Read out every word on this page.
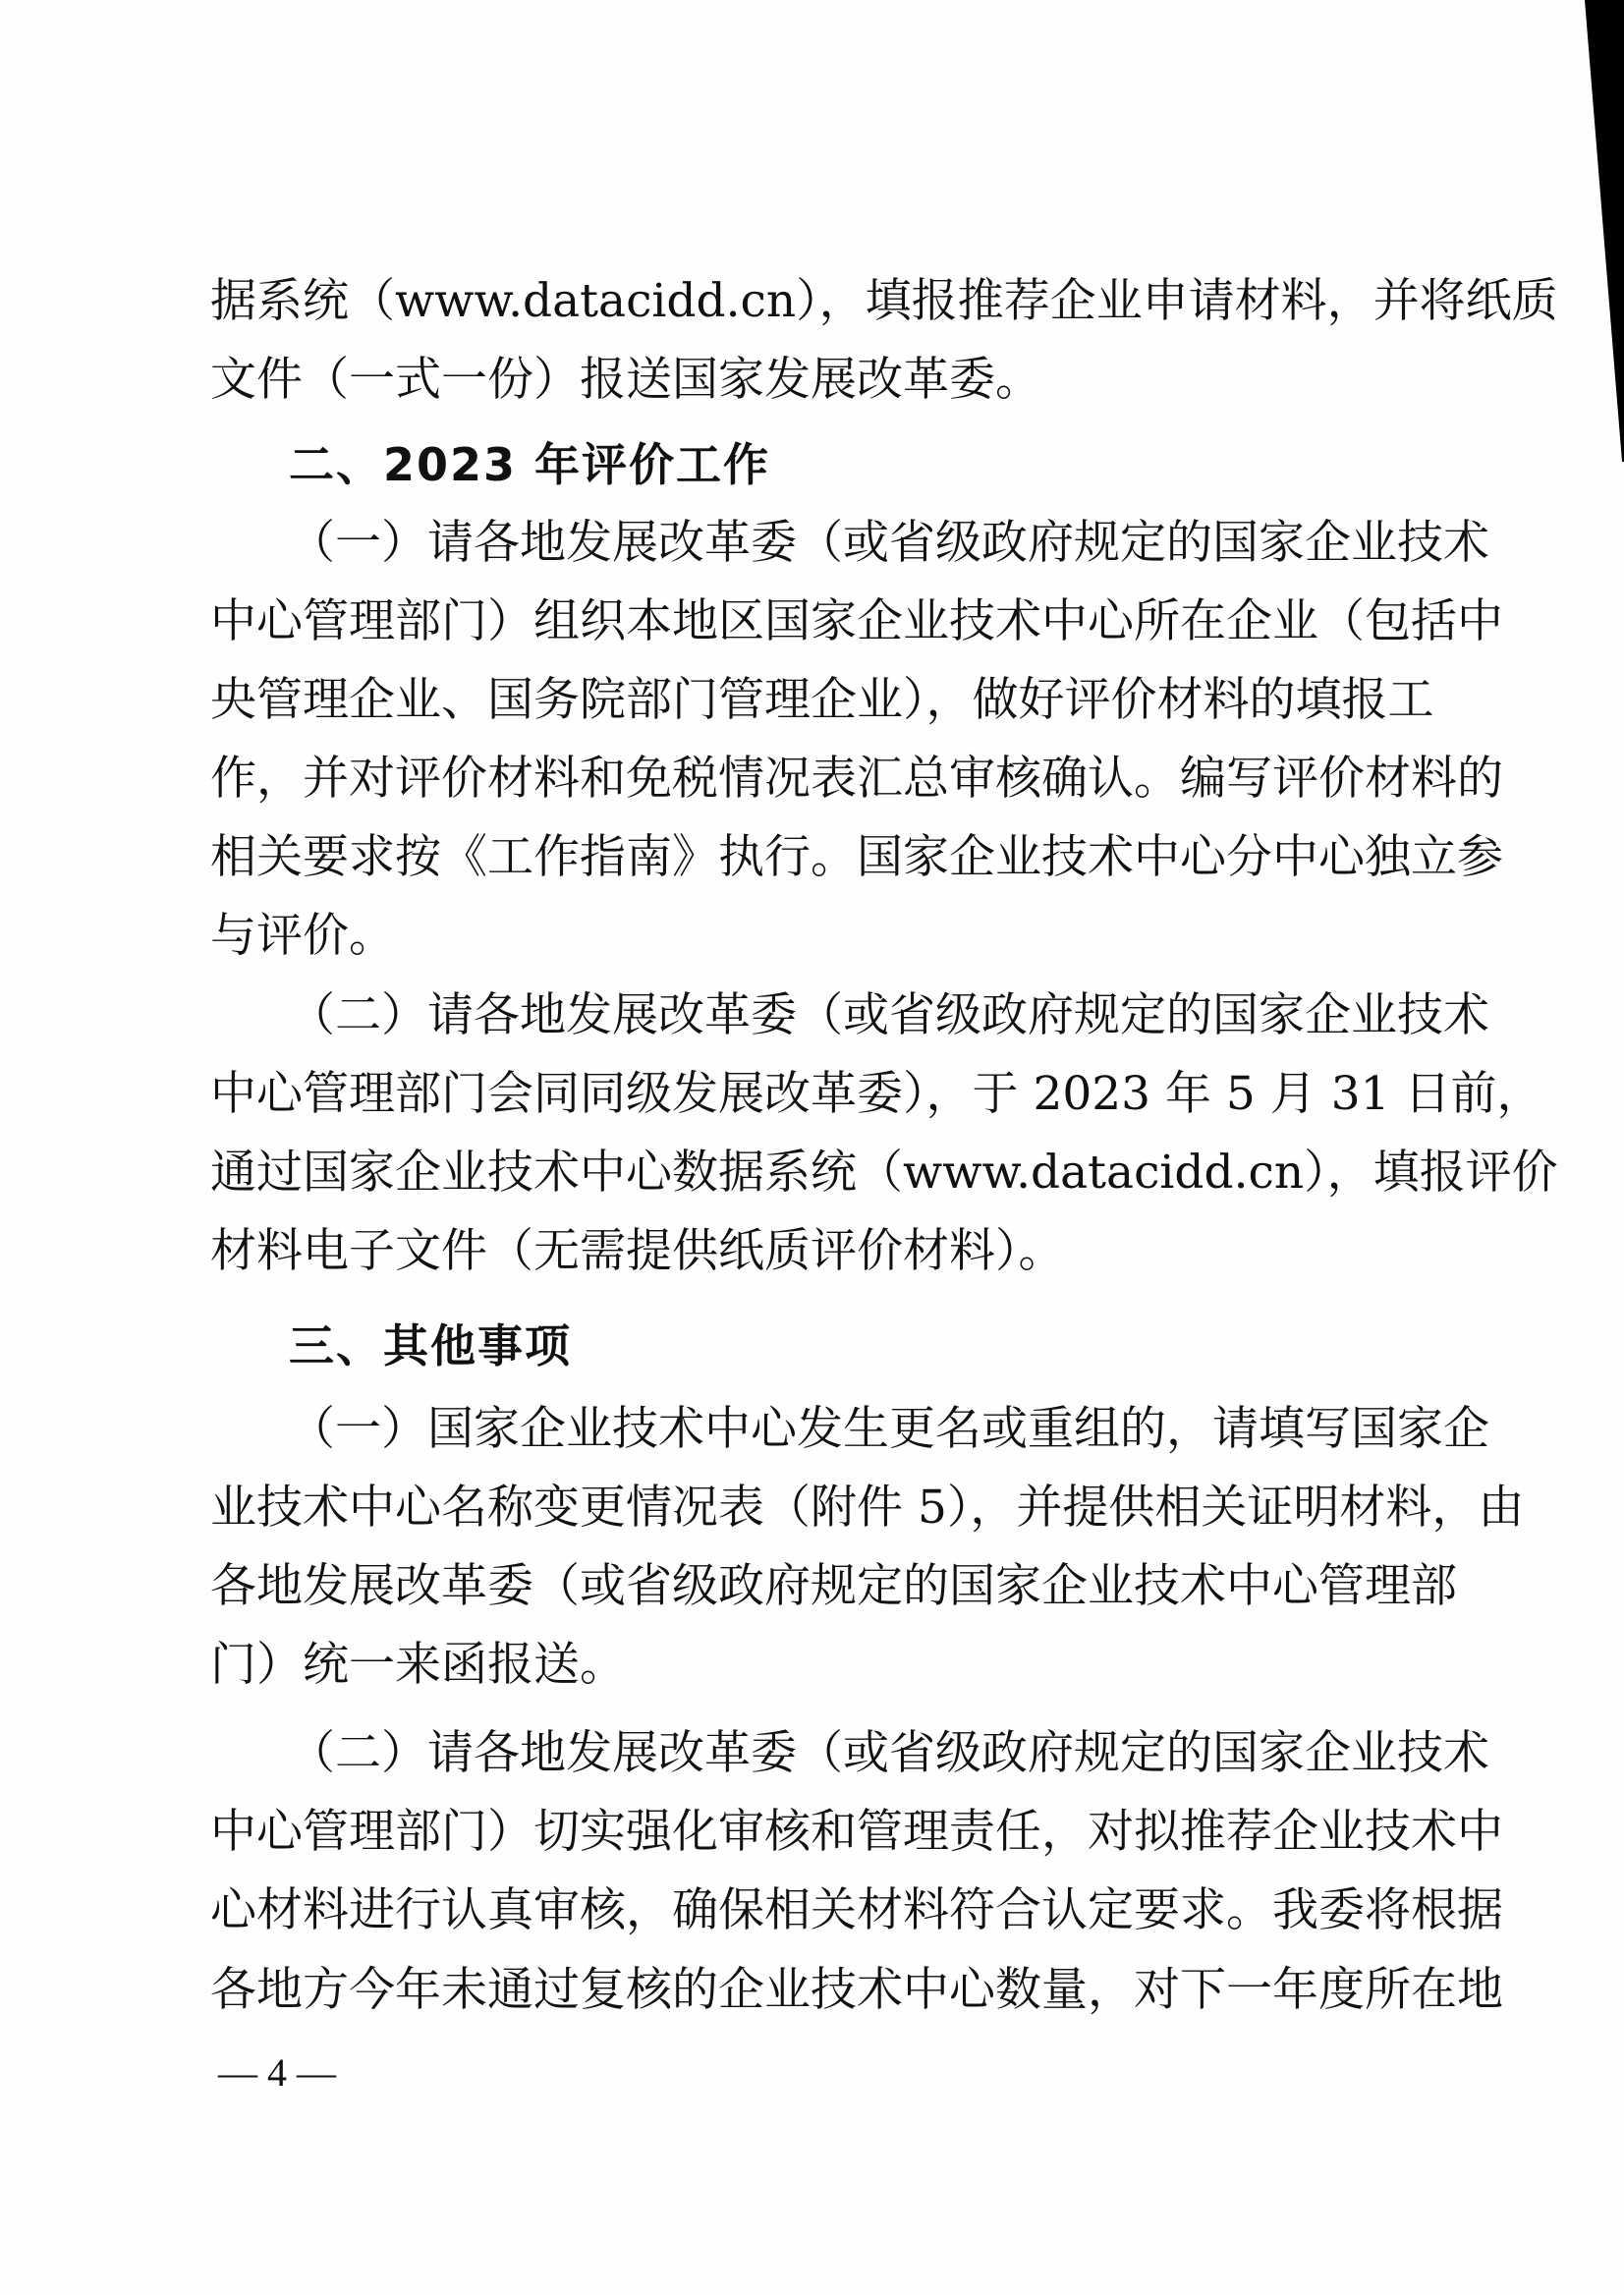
据系统（www.datacidd.cn），填报推荐企业申请材料，并将纸质
文件（一式一份）报送国家发展改革委。
二、2023 年评价工作
（一）请各地发展改革委（或省级政府规定的国家企业技术
中心管理部门）组织本地区国家企业技术中心所在企业（包括中
央管理企业、国务院部门管理企业），做好评价材料的填报工
作，并对评价材料和免税情况表汇总审核确认。编写评价材料的
相关要求按《工作指南》执行。国家企业技术中心分中心独立参
与评价。
（二）请各地发展改革委（或省级政府规定的国家企业技术
中心管理部门会同同级发展改革委），于 2023 年 5 月 31 日前，
通过国家企业技术中心数据系统（www.datacidd.cn），填报评价
材料电子文件（无需提供纸质评价材料）。
三、其他事项
（一）国家企业技术中心发生更名或重组的，请填写国家企
业技术中心名称变更情况表（附件 5），并提供相关证明材料，由
各地发展改革委（或省级政府规定的国家企业技术中心管理部
门）统一来函报送。
（二）请各地发展改革委（或省级政府规定的国家企业技术
中心管理部门）切实强化审核和管理责任，对拟推荐企业技术中
心材料进行认真审核，确保相关材料符合认定要求。我委将根据
各地方今年未通过复核的企业技术中心数量，对下一年度所在地
— 4 —
